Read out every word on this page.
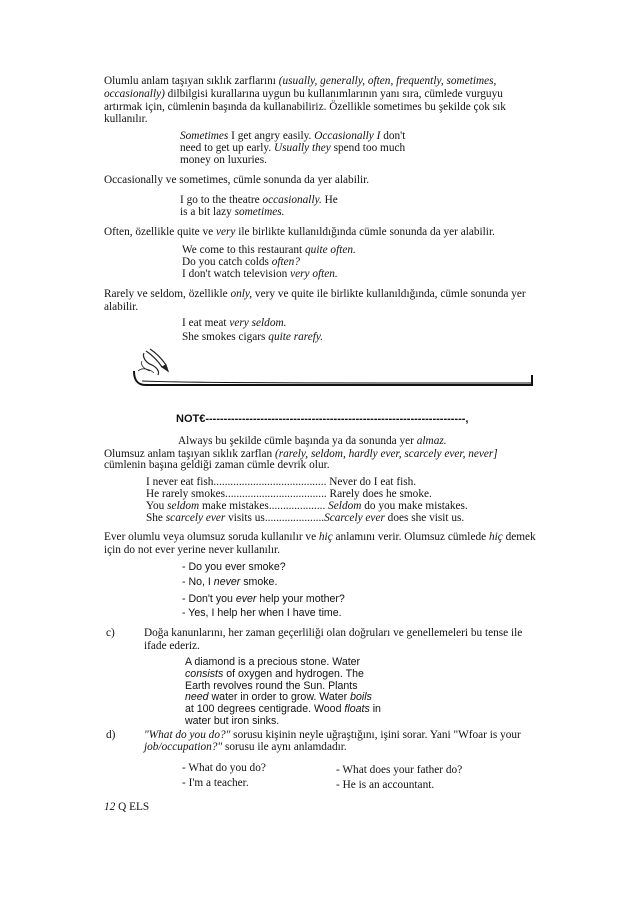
Olumlu anlam taşıyan sıklık zarflarını (usually, generally, often, frequently, sometimes,
occasionally) dilbilgisi kurallarına uygun bu kullanımlarının yanı sıra, cümlede vurguyu
artırmak için, cümlenin başında da kullanabiliriz. Özellikle sometimes bu şekilde çok sık
kullanılır.
Sometimes I get angry easily. Occasionally I don't
need to get up early. Usually they spend too much
money on luxuries.
Occasionally ve sometimes, cümle sonunda da yer alabilir.
I go to the theatre occasionally. He
is a bit lazy sometimes.
Often, özellikle quite ve very ile birlikte kullanıldığında cümle sonunda da yer alabilir.
We come to this restaurant quite often.
Do you catch colds often?
I don't watch television very often.
Rarely ve seldom, özellikle only, very ve quite ile birlikte kullanıldığında, cümle sonunda yer
alabilir.
I eat meat very seldom.
She smokes cigars quite rarefy.
NOT€-----------------------------------------------------------------------,
Always bu şekilde cümle başında ya da sonunda yer almaz.
Olumsuz anlam taşıyan sıklık zarflan (rarely, seldom, hardly ever, scarcely ever, never]
cümlenin başına geldiği zaman cümle devrik olur.
I never eat fish........................................ Never do I eat fish.
He rarely smokes.................................... Rarely does he smoke.
You seldom make mistakes.................... Seldom do you make mistakes.
She scarcely ever visits us.....................Scarcely ever does she visit us.
Ever olumlu veya olumsuz soruda kullanılır ve hiç anlamını verir. Olumsuz cümlede hiç demek
için do not ever yerine never kullanılır.
- Do you ever smoke?
- No, I never smoke.
- Don't you ever help your mother?
- Yes, I help her when I have time.
c)	Doğa kanunlarını, her zaman geçerliliği olan doğruları ve genellemeleri bu tense ile
ifade ederiz.
A diamond is a precious stone. Water
consists of oxygen and hydrogen. The
Earth revolves round the Sun. Plants
need water in order to grow. Water boils
at 100 degrees centigrade. Wood floats in
water but iron sinks.
d)	"What do you do?" sorusu kişinin neyle uğraştığını, işini sorar. Yani "Wfoar is your
job/occupation?" sorusu ile aynı anlamdadır.
- What do you do?
- I'm a teacher.
- What does your father do?
- He is an accountant.
12 Q ELS
